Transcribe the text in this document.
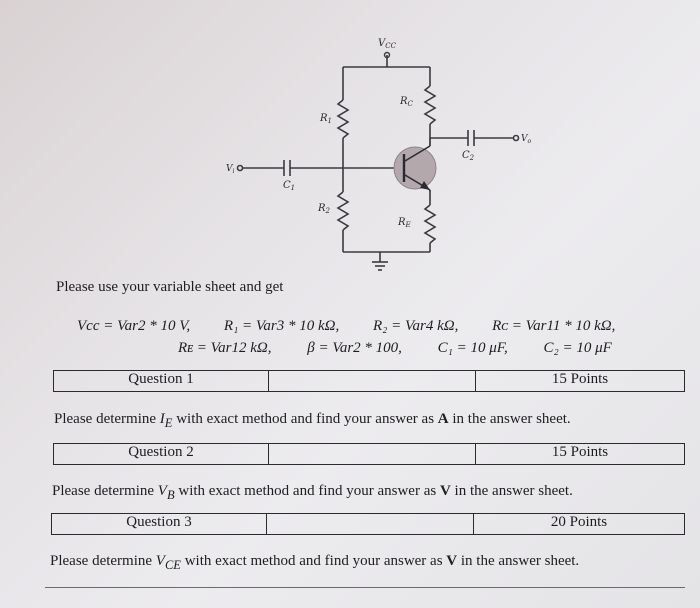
$V_{CC}$
$R_1$
$R_2$
$R_C$
$R_E$
$C_1$
$C_2$
$V_i$
$V_o$
Please use your variable sheet and get
Vcc = Var2 * 10 V, R₁ = Var3 * 10 kΩ, R₂ = Var4 kΩ, Rᴄ = Var11 * 10 kΩ,
Rᴇ = Var12 kΩ, β = Var2 * 100, C₁ = 10 μF, C₂ = 10 μF
Question 1	15 Points
Please determine $I_E$ with exact method and find your answer as A in the answer sheet.
Question 2	15 Points
Please determine $V_B$ with exact method and find your answer as V in the answer sheet.
Question 3	20 Points
Please determine $V_{CE}$ with exact method and find your answer as V in the answer sheet.
